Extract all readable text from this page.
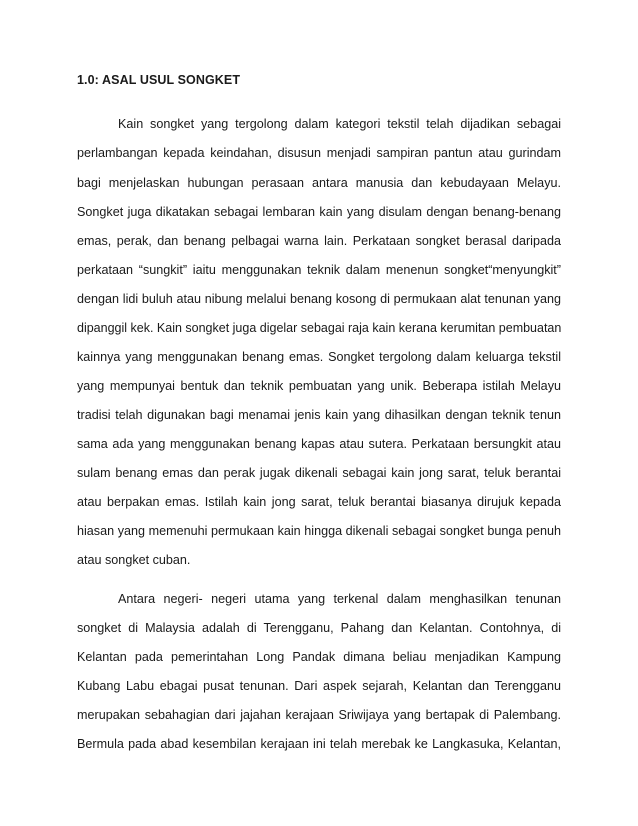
1.0: ASAL USUL SONGKET

Kain songket yang tergolong dalam kategori tekstil telah dijadikan sebagai

perlambangan kepada keindahan, disusun menjadi sampiran pantun atau gurindam

bagi menjelaskan hubungan perasaan antara manusia dan kebudayaan Melayu.

Songket juga dikatakan sebagai lembaran kain yang disulam dengan benang-benang

emas, perak, dan benang pelbagai warna lain. Perkataan songket berasal daripada

perkataan “sungkit” iaitu menggunakan teknik dalam menenun songket“menyungkit”

dengan lidi buluh atau nibung melalui benang kosong di permukaan alat tenunan yang

dipanggil kek. Kain songket juga digelar sebagai raja kain kerana kerumitan pembuatan

kainnya yang menggunakan benang emas. Songket tergolong dalam keluarga tekstil

yang mempunyai bentuk dan teknik pembuatan yang unik. Beberapa istilah Melayu

tradisi telah digunakan bagi menamai jenis kain yang dihasilkan dengan teknik tenun

sama ada yang menggunakan benang kapas atau sutera. Perkataan bersungkit atau

sulam benang emas dan perak jugak dikenali sebagai kain jong sarat, teluk berantai

atau berpakan emas. Istilah kain jong sarat, teluk berantai biasanya dirujuk kepada

hiasan yang memenuhi permukaan kain hingga dikenali sebagai songket bunga penuh

atau songket cuban.

Antara negeri- negeri utama yang terkenal dalam menghasilkan tenunan

songket di Malaysia adalah di Terengganu, Pahang dan Kelantan. Contohnya, di

Kelantan pada pemerintahan Long Pandak dimana beliau menjadikan Kampung

Kubang Labu ebagai pusat tenunan. Dari aspek sejarah, Kelantan dan Terengganu

merupakan sebahagian dari jajahan kerajaan Sriwijaya yang bertapak di Palembang.

Bermula pada abad kesembilan kerajaan ini telah merebak ke Langkasuka, Kelantan,
